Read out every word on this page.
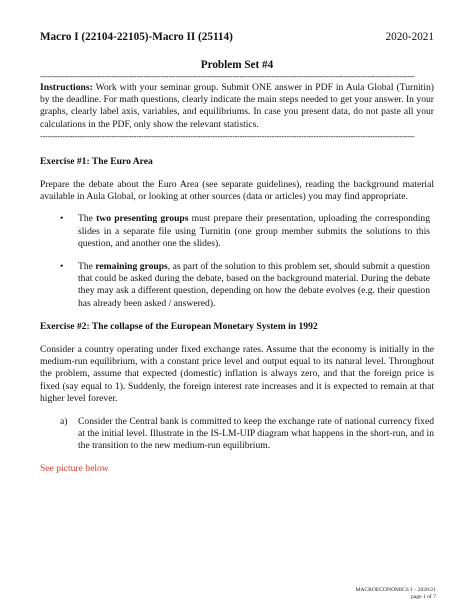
Macro I (22104-22105)-Macro II (25114)	2020-2021
Problem Set #4
--------------------------------------------------------------------------------------------------------------------------------------------------------
Instructions: Work with your seminar group. Submit ONE answer in PDF in Aula Global (Turnitin) by the deadline. For math questions, clearly indicate the main steps needed to get your answer. In your graphs, clearly label axis, variables, and equilibriums. In case you present data, do not paste all your calculations in the PDF, only show the relevant statistics.
--------------------------------------------------------------------------------------------------------------------------------------------------------
Exercise #1: The Euro Area

Prepare the debate about the Euro Area (see separate guidelines), reading the background material available in Aula Global, or looking at other sources (data or articles) you may find appropriate.

• The two presenting groups must prepare their presentation, uploading the corresponding slides in a separate file using Turnitin (one group member submits the solutions to this question, and another one the slides).
• The remaining groups, as part of the solution to this problem set, should submit a question that could be asked during the debate, based on the background material. During the debate they may ask a different question, depending on how the debate evolves (e.g. their question has already been asked / answered).
Exercise #2: The collapse of the European Monetary System in 1992

Consider a country operating under fixed exchange rates. Assume that the economy is initially in the medium-run equilibrium, with a constant price level and output equal to its natural level. Throughout the problem, assume that expected (domestic) inflation is always zero, and that the foreign price is fixed (say equal to 1). Suddenly, the foreign interest rate increases and it is expected to remain at that higher level forever.

a) Consider the Central bank is committed to keep the exchange rate of national currency fixed at the initial level. Illustrate in the IS-LM-UIP diagram what happens in the short-run, and in the transition to the new medium-run equilibrium.
See picture below
MACROECONOMICS I – 2020/21
page 1 of 7
